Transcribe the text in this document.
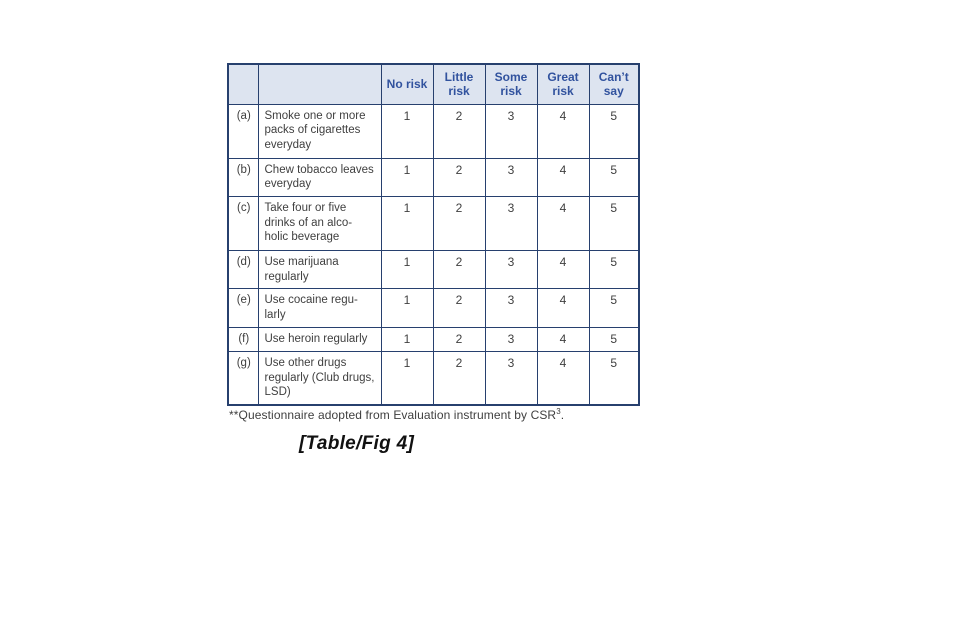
		No risk	Little risk	Some risk	Great risk	Can’t say
(a)	Smoke one or more packs of cigarettes everyday	1	2	3	4	5
(b)	Chew tobacco leaves everyday	1	2	3	4	5
(c)	Take four or five drinks of an alco-holic beverage	1	2	3	4	5
(d)	Use marijuana regularly	1	2	3	4	5
(e)	Use cocaine regu-larly	1	2	3	4	5
(f)	Use heroin regularly	1	2	3	4	5
(g)	Use other drugs regularly (Club drugs, LSD)	1	2	3	4	5
**Questionnaire adopted from Evaluation instrument by CSR$^3$.
[Table/Fig 4]
